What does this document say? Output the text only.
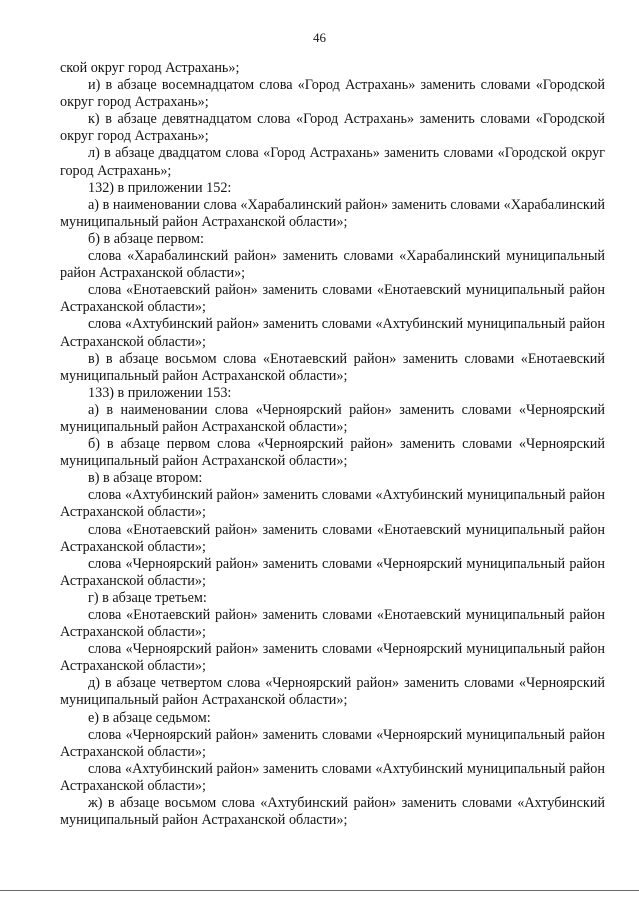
46

ской округ город Астрахань»;

и) в абзаце восемнадцатом слова «Город Астрахань» заменить словами «Городской округ город Астрахань»;

к) в абзаце девятнадцатом слова «Город Астрахань» заменить словами «Городской округ город Астрахань»;

л) в абзаце двадцатом слова «Город Астрахань» заменить словами «Городской округ город Астрахань»;

132) в приложении 152:

а) в наименовании слова «Харабалинский район» заменить словами «Харабалинский муниципальный район Астраханской области»;

б) в абзаце первом:

слова «Харабалинский район» заменить словами «Харабалинский муниципальный район Астраханской области»;

слова «Енотаевский район» заменить словами «Енотаевский муниципальный район Астраханской области»;

слова «Ахтубинский район» заменить словами «Ахтубинский муниципальный район Астраханской области»;

в) в абзаце восьмом слова «Енотаевский район» заменить словами «Енотаевский муниципальный район Астраханской области»;

133) в приложении 153:

а) в наименовании слова «Черноярский район» заменить словами «Черноярский муниципальный район Астраханской области»;

б) в абзаце первом слова «Черноярский район» заменить словами «Черноярский муниципальный район Астраханской области»;

в) в абзаце втором:

слова «Ахтубинский район» заменить словами «Ахтубинский муниципальный район Астраханской области»;

слова «Енотаевский район» заменить словами «Енотаевский муниципальный район Астраханской области»;

слова «Черноярский район» заменить словами «Черноярский муниципальный район Астраханской области»;

г) в абзаце третьем:

слова «Енотаевский район» заменить словами «Енотаевский муниципальный район Астраханской области»;

слова «Черноярский район» заменить словами «Черноярский муниципальный район Астраханской области»;

д) в абзаце четвертом слова «Черноярский район» заменить словами «Черноярский муниципальный район Астраханской области»;

е) в абзаце седьмом:

слова «Черноярский район» заменить словами «Черноярский муниципальный район Астраханской области»;

слова «Ахтубинский район» заменить словами «Ахтубинский муниципальный район Астраханской области»;

ж) в абзаце восьмом слова «Ахтубинский район» заменить словами «Ахтубинский муниципальный район Астраханской области»;
